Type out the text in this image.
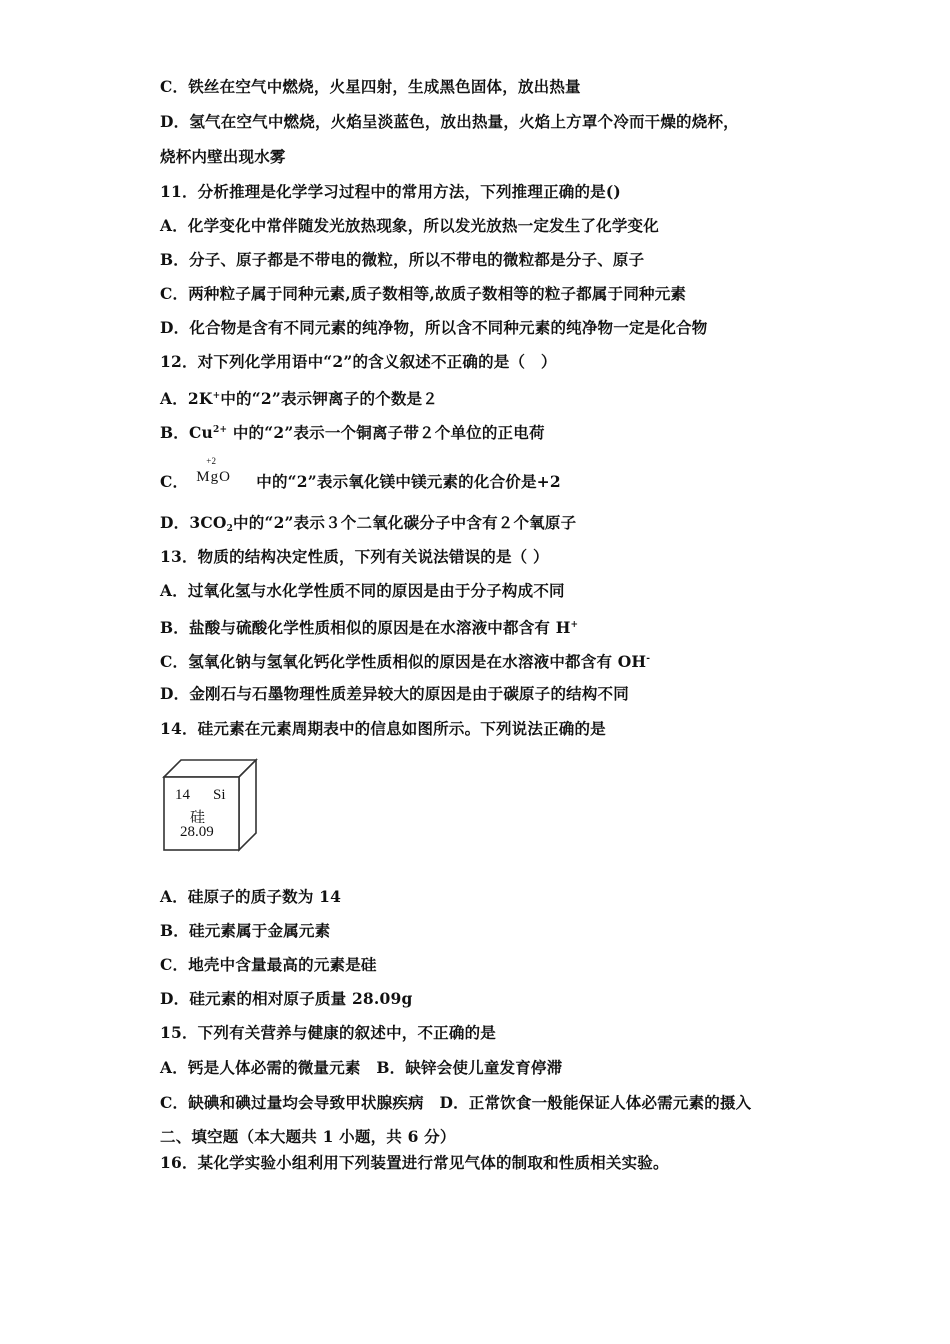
C．铁丝在空气中燃烧，火星四射，生成黑色固体，放出热量
D．氢气在空气中燃烧，火焰呈淡蓝色，放出热量，火焰上方罩个冷而干燥的烧杯，
烧杯内壁出现水雾
11．分析推理是化学学习过程中的常用方法，下列推理正确的是()
A．化学变化中常伴随发光放热现象，所以发光放热一定发生了化学变化
B．分子、原子都是不带电的微粒，所以不带电的微粒都是分子、原子
C．两种粒子属于同种元素,质子数相等,故质子数相等的粒子都属于同种元素
D．化合物是含有不同元素的纯净物，所以含不同种元素的纯净物一定是化合物
12．对下列化学用语中“2”的含义叙述不正确的是（　）
A．2K+中的“2”表示钾离子的个数是２
B．$Cu^{2+}$ 中的“2”表示一个铜离子带２个单位的正电荷
C．
+2
MgO 中的“2”表示氧化镁中镁元素的化合价是+2
D．$3CO_2$中的“2”表示３个二氧化碳分子中含有２个氧原子
13．物质的结构决定性质，下列有关说法错误的是（ ）
A．过氧化氢与水化学性质不同的原因是由于分子构成不同
B．盐酸与硫酸化学性质相似的原因是在水溶液中都含有 H+
C．氢氧化钠与氢氧化钙化学性质相似的原因是在水溶液中都含有 OH-
D．金刚石与石墨物理性质差异较大的原因是由于碳原子的结构不同
14．硅元素在元素周期表中的信息如图所示。下列说法正确的是
14 Si
硅
28.09
A．硅原子的质子数为 14
B．硅元素属于金属元素
C．地壳中含量最高的元素是硅
D．硅元素的相对原子质量 28.09g
15．下列有关营养与健康的叙述中，不正确的是
A．钙是人体必需的微量元素　B．缺锌会使儿童发育停滞
C．缺碘和碘过量均会导致甲状腺疾病　D．正常饮食一般能保证人体必需元素的摄入
二、填空题（本大题共 1 小题，共 6 分）
16．某化学实验小组利用下列装置进行常见气体的制取和性质相关实验。
